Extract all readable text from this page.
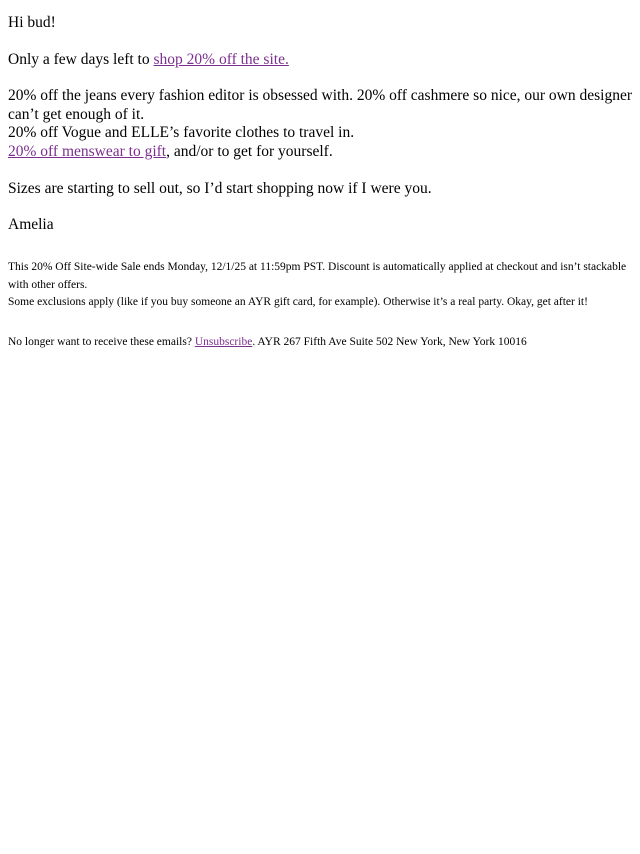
Hi bud!

Only a few days left to shop 20% off the site.

20% off the jeans every fashion editor is obsessed with. 20% off cashmere so nice, our own designer can’t get enough of it.

20% off Vogue and ELLE’s favorite clothes to travel in.

20% off menswear to gift, and/or to get for yourself.

Sizes are starting to sell out, so I’d start shopping now if I were you.

Amelia

This 20% Off Site-wide Sale ends Monday, 12/1/25 at 11:59pm PST. Discount is automatically applied at checkout and isn’t stackable with other offers.

Some exclusions apply (like if you buy someone an AYR gift card, for example). Otherwise it’s a real party. Okay, get after it!

No longer want to receive these emails? Unsubscribe. AYR 267 Fifth Ave Suite 502 New York, New York 10016
